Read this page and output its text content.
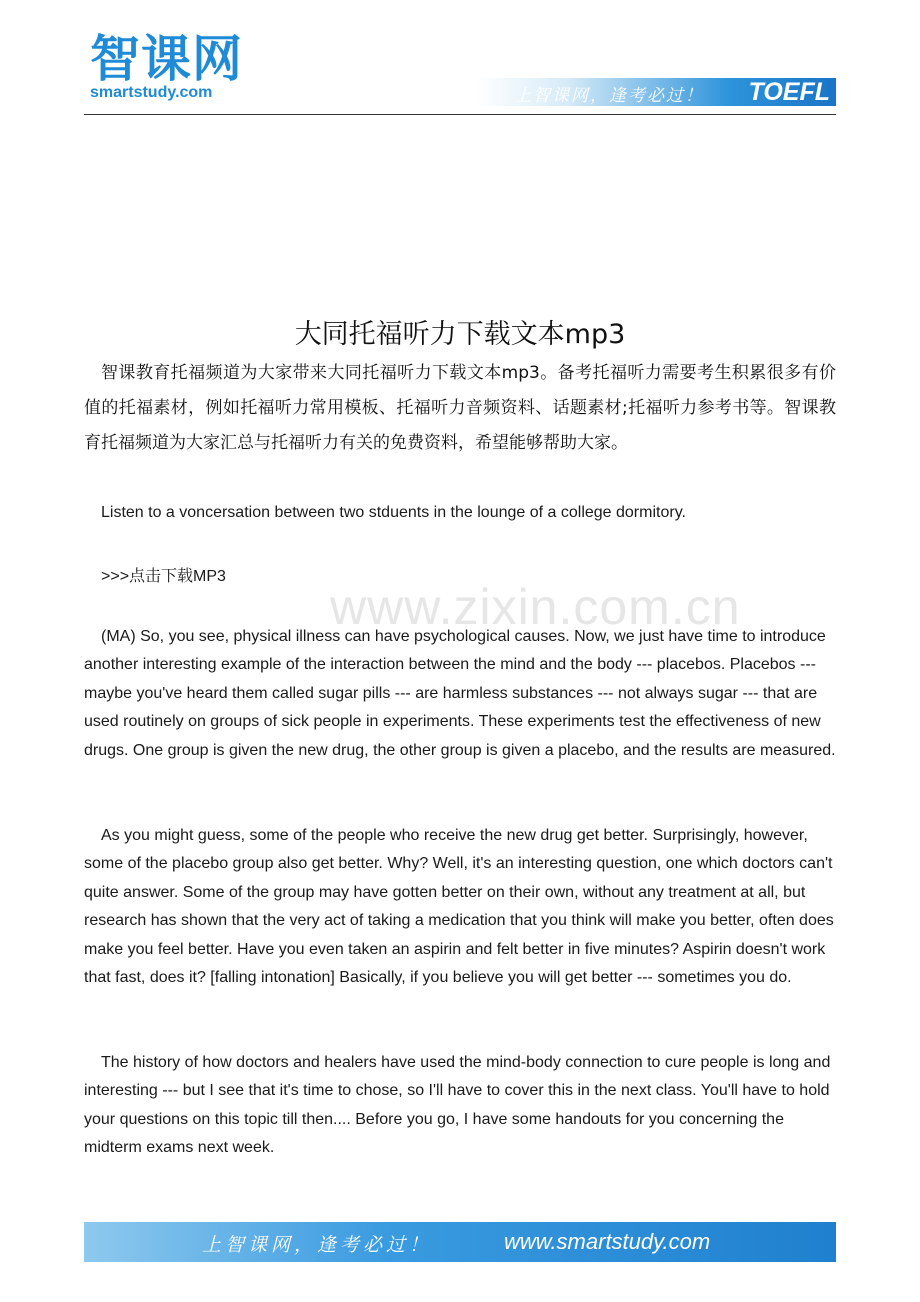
智课网
smartstudy.com	上智课网，逢考必过！ TOEFL
www.zixin.com.cn
大同托福听力下载文本mp3
智课教育托福频道为大家带来大同托福听力下载文本mp3。备考托福听力需要考生积累很多有价值的托福素材，例如托福听力常用模板、托福听力音频资料、话题素材;托福听力参考书等。智课教育托福频道为大家汇总与托福听力有关的免费资料，希望能够帮助大家。
Listen to a voncersation between two stduents in the lounge of a college dormitory.
>>>点击下载MP3
(MA) So, you see, physical illness can have psychological causes. Now, we just have time to introduce another interesting example of the interaction between the mind and the body --- placebos. Placebos --- maybe you've heard them called sugar pills --- are harmless substances --- not always sugar --- that are used routinely on groups of sick people in experiments. These experiments test the effectiveness of new drugs. One group is given the new drug, the other group is given a placebo, and the results are measured.
As you might guess, some of the people who receive the new drug get better. Surprisingly, however, some of the placebo group also get better. Why? Well, it's an interesting question, one which doctors can't quite answer. Some of the group may have gotten better on their own, without any treatment at all, but research has shown that the very act of taking a medication that you think will make you better, often does make you feel better. Have you even taken an aspirin and felt better in five minutes? Aspirin doesn't work that fast, does it? [falling intonation] Basically, if you believe you will get better --- sometimes you do.
The history of how doctors and healers have used the mind-body connection to cure people is long and interesting --- but I see that it's time to chose, so I'll have to cover this in the next class. You'll have to hold your questions on this topic till then.... Before you go, I have some handouts for you concerning the midterm exams next week.
上智课网，逢考必过！	www.smartstudy.com
